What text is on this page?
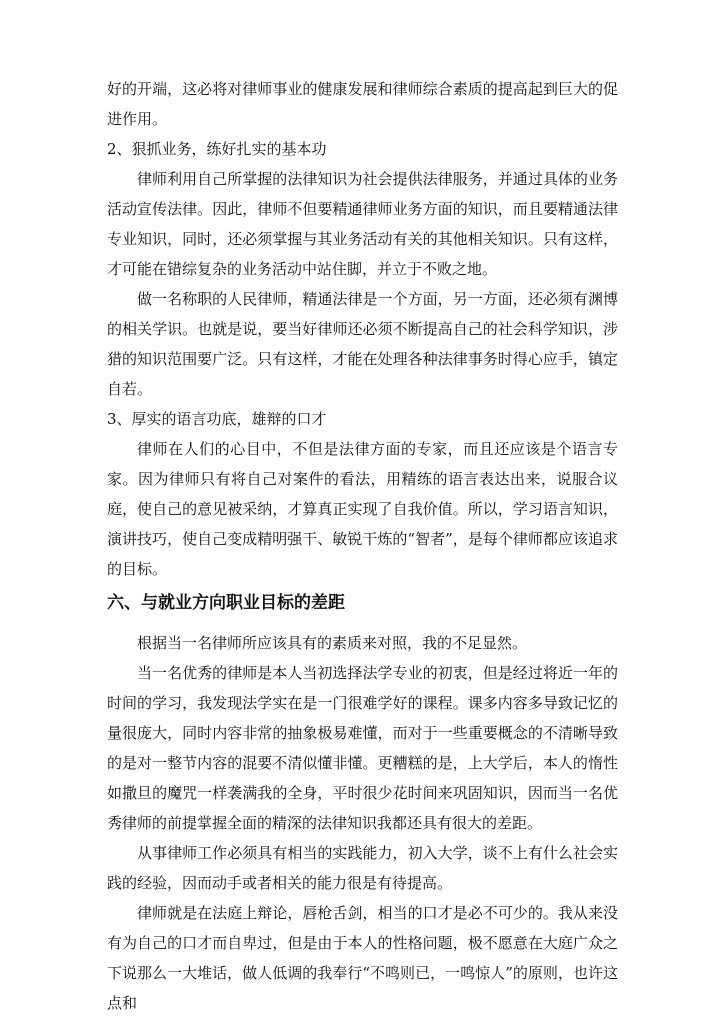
好的开端，这必将对律师事业的健康发展和律师综合素质的提高起到巨大的促进作用。

2、狠抓业务，练好扎实的基本功

律师利用自己所掌握的法律知识为社会提供法律服务，并通过具体的业务活动宣传法律。因此，律师不但要精通律师业务方面的知识，而且要精通法律专业知识，同时，还必须掌握与其业务活动有关的其他相关知识。只有这样，才可能在错综复杂的业务活动中站住脚，并立于不败之地。

做一名称职的人民律师，精通法律是一个方面，另一方面，还必须有渊博的相关学识。也就是说，要当好律师还必须不断提高自己的社会科学知识，涉猎的知识范围要广泛。只有这样，才能在处理各种法律事务时得心应手，镇定自若。

3、厚实的语言功底，雄辩的口才

律师在人们的心目中，不但是法律方面的专家，而且还应该是个语言专家。因为律师只有将自己对案件的看法，用精练的语言表达出来，说服合议庭，使自己的意见被采纳，才算真正实现了自我价值。所以，学习语言知识，演讲技巧，使自己变成精明强干、敏锐干炼的“智者”，是每个律师都应该追求的目标。

六、与就业方向职业目标的差距

根据当一名律师所应该具有的素质来对照，我的不足显然。

当一名优秀的律师是本人当初选择法学专业的初衷，但是经过将近一年的时间的学习，我发现法学实在是一门很难学好的课程。课多内容多导致记忆的量很庞大，同时内容非常的抽象极易难懂，而对于一些重要概念的不清晰导致的是对一整节内容的混要不清似懂非懂。更糟糕的是，上大学后，本人的惰性如撒旦的魔咒一样袭满我的全身，平时很少花时间来巩固知识，因而当一名优秀律师的前提掌握全面的精深的法律知识我都还具有很大的差距。

从事律师工作必须具有相当的实践能力，初入大学，谈不上有什么社会实践的经验，因而动手或者相关的能力很是有待提高。

律师就是在法庭上辩论，唇枪舌剑，相当的口才是必不可少的。我从来没有为自己的口才而自卑过，但是由于本人的性格问题，极不愿意在大庭广众之下说那么一大堆话，做人低调的我奉行“不鸣则已，一鸣惊人”的原则，也许这点和
